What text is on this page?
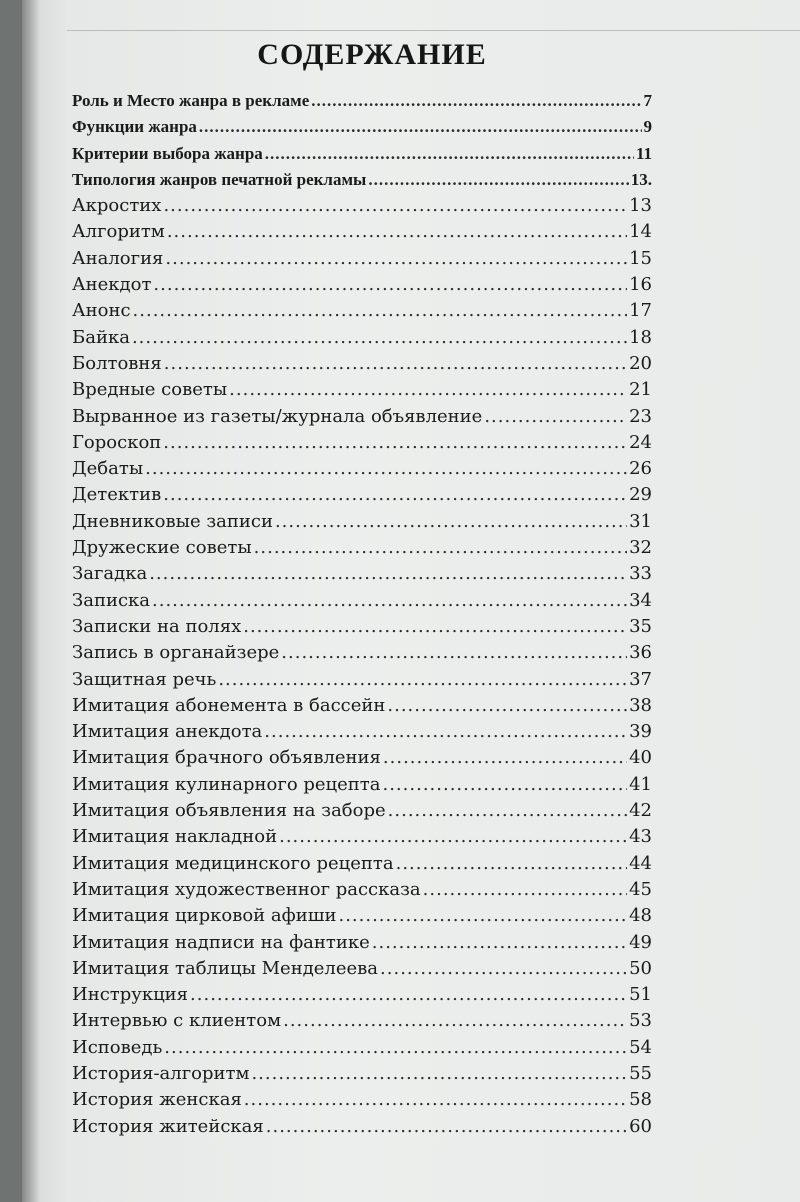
СОДЕРЖАНИЕ
Роль и Место жанра в рекламе .....	7
Функции жанра .....	9
Критерии выбора жанра .....	11
Типология жанров печатной рекламы .....	13.
Акростих .....	13
Алгоритм .....	14
Аналогия .....	15
Анекдот .....	16
Анонс .....	17
Байка .....	18
Болтовня .....	20
Вредные советы .....	21
Вырванное из газеты/журнала объявление .....	23
Гороскоп .....	24
Дебаты .....	26
Детектив .....	29
Дневниковые записи .....	31
Дружеские советы .....	32
Загадка .....	33
Записка .....	34
Записки на полях .....	35
Запись в органайзере .....	36
Защитная речь .....	37
Имитация абонемента в бассейн .....	38
Имитация анекдота .....	39
Имитация брачного объявления .....	40
Имитация кулинарного рецепта .....	41
Имитация объявления на заборе .....	42
Имитация накладной .....	43
Имитация медицинского рецепта .....	44
Имитация художественног рассказа .....	45
Имитация цирковой афиши .....	48
Имитация надписи на фантике .....	49
Имитация таблицы Менделеева .....	50
Инструкция .....	51
Интервью с клиентом .....	53
Исповедь .....	54
История-алгоритм .....	55
История женская .....	58
История житейская .....	60
